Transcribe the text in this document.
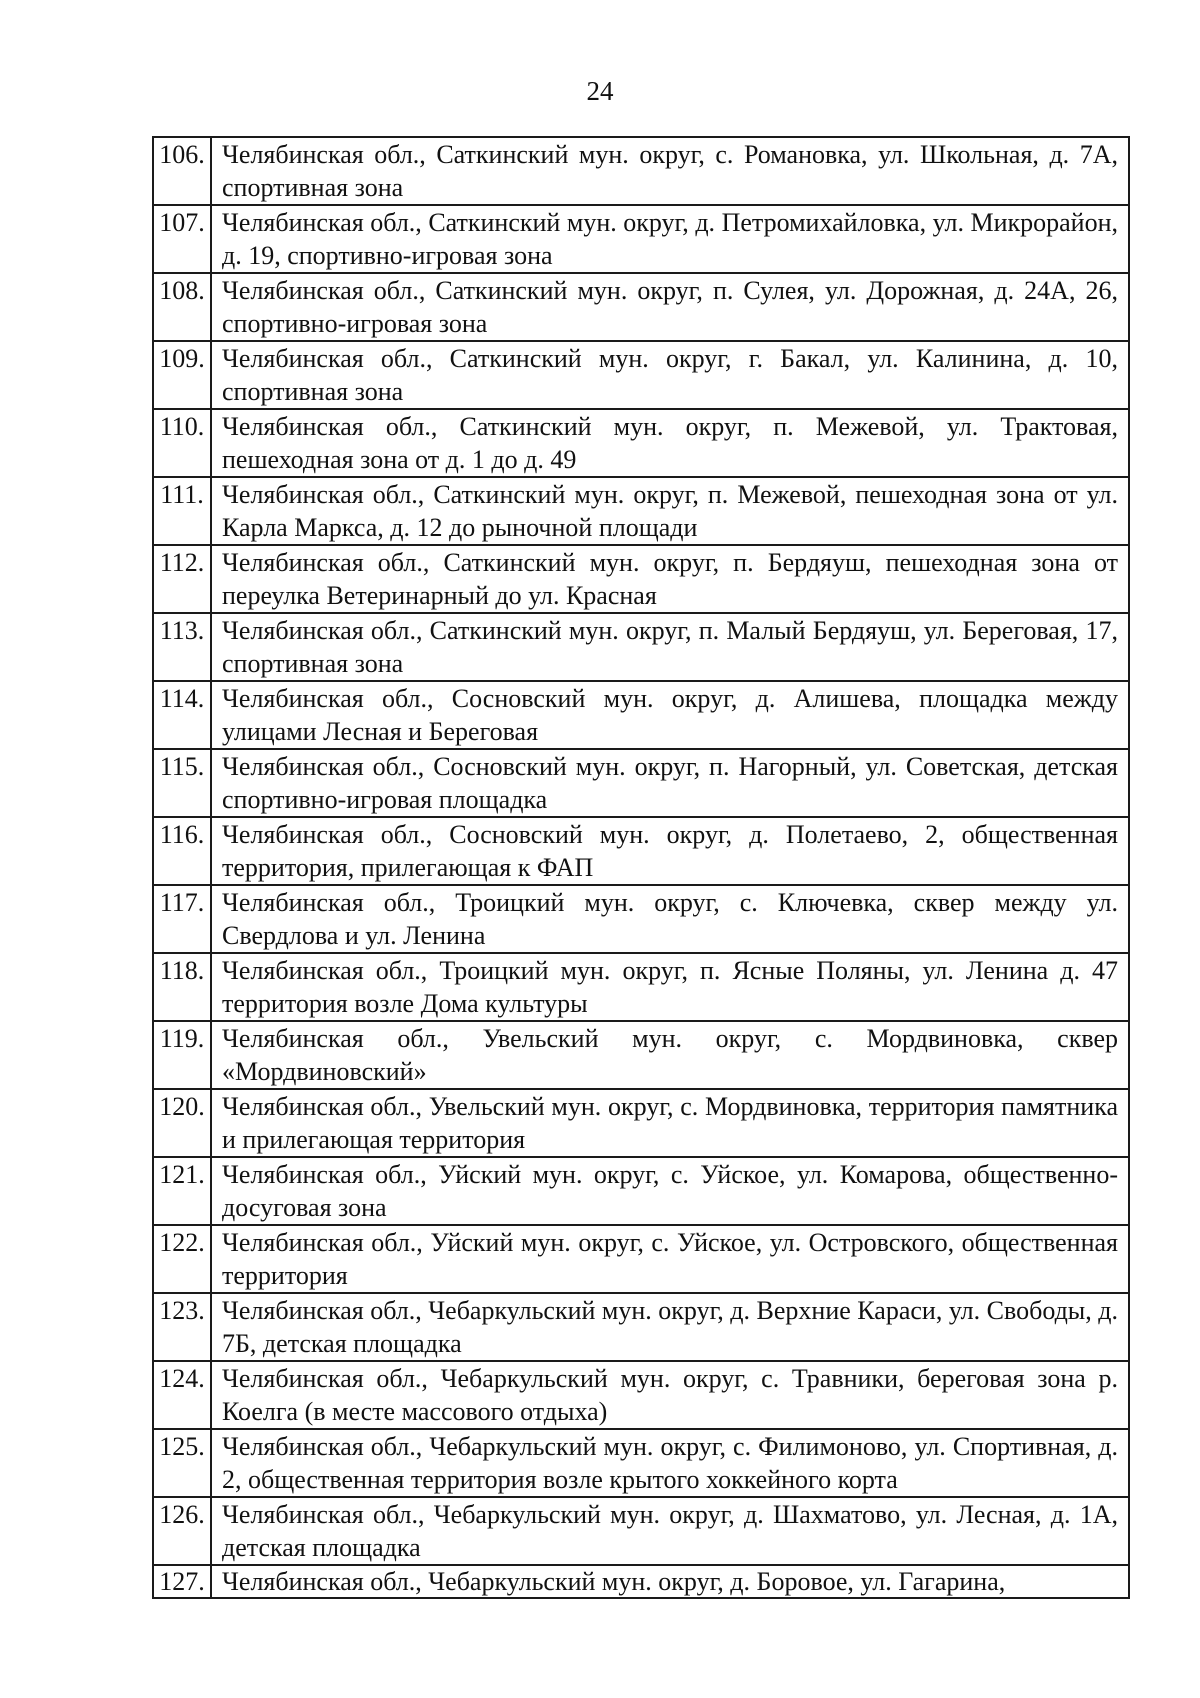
24
106.	Челябинская обл., Саткинский мун. округ, с. Романовка, ул. Школьная, д. 7А, спортивная зона
107.	Челябинская обл., Саткинский мун. округ, д. Петромихайловка, ул. Микрорайон, д. 19, спортивно-игровая зона
108.	Челябинская обл., Саткинский мун. округ, п. Сулея, ул. Дорожная, д. 24А, 26, спортивно-игровая зона
109.	Челябинская обл., Саткинский мун. округ, г. Бакал, ул. Калинина, д. 10, спортивная зона
110.	Челябинская обл., Саткинский мун. округ, п. Межевой, ул. Трактовая, пешеходная зона от д. 1 до д. 49
111.	Челябинская обл., Саткинский мун. округ, п. Межевой, пешеходная зона от ул. Карла Маркса, д. 12 до рыночной площади
112.	Челябинская обл., Саткинский мун. округ, п. Бердяуш, пешеходная зона от переулка Ветеринарный до ул. Красная
113.	Челябинская обл., Саткинский мун. округ, п. Малый Бердяуш, ул. Береговая, 17, спортивная зона
114.	Челябинская обл., Сосновский мун. округ, д. Алишева, площадка между улицами Лесная и Береговая
115.	Челябинская обл., Сосновский мун. округ, п. Нагорный, ул. Советская, детская спортивно-игровая площадка
116.	Челябинская обл., Сосновский мун. округ, д. Полетаево, 2, общественная территория, прилегающая к ФАП
117.	Челябинская обл., Троицкий мун. округ, с. Ключевка, сквер между ул. Свердлова и ул. Ленина
118.	Челябинская обл., Троицкий мун. округ, п. Ясные Поляны, ул. Ленина д. 47 территория возле Дома культуры
119.	Челябинская обл., Увельский мун. округ, с. Мордвиновка, сквер «Мордвиновский»
120.	Челябинская обл., Увельский мун. округ, с. Мордвиновка, территория памятника и прилегающая территория
121.	Челябинская обл., Уйский мун. округ, с. Уйское, ул. Комарова, общественно-досуговая зона
122.	Челябинская обл., Уйский мун. округ, с. Уйское, ул. Островского, общественная территория
123.	Челябинская обл., Чебаркульский мун. округ, д. Верхние Караси, ул. Свободы, д. 7Б, детская площадка
124.	Челябинская обл., Чебаркульский мун. округ, с. Травники, береговая зона р. Коелга (в месте массового отдыха)
125.	Челябинская обл., Чебаркульский мун. округ, с. Филимоново, ул. Спортивная, д. 2, общественная территория возле крытого хоккейного корта
126.	Челябинская обл., Чебаркульский мун. округ, д. Шахматово, ул. Лесная, д. 1А, детская площадка
127.	Челябинская обл., Чебаркульский мун. округ, д. Боровое, ул. Гагарина,
